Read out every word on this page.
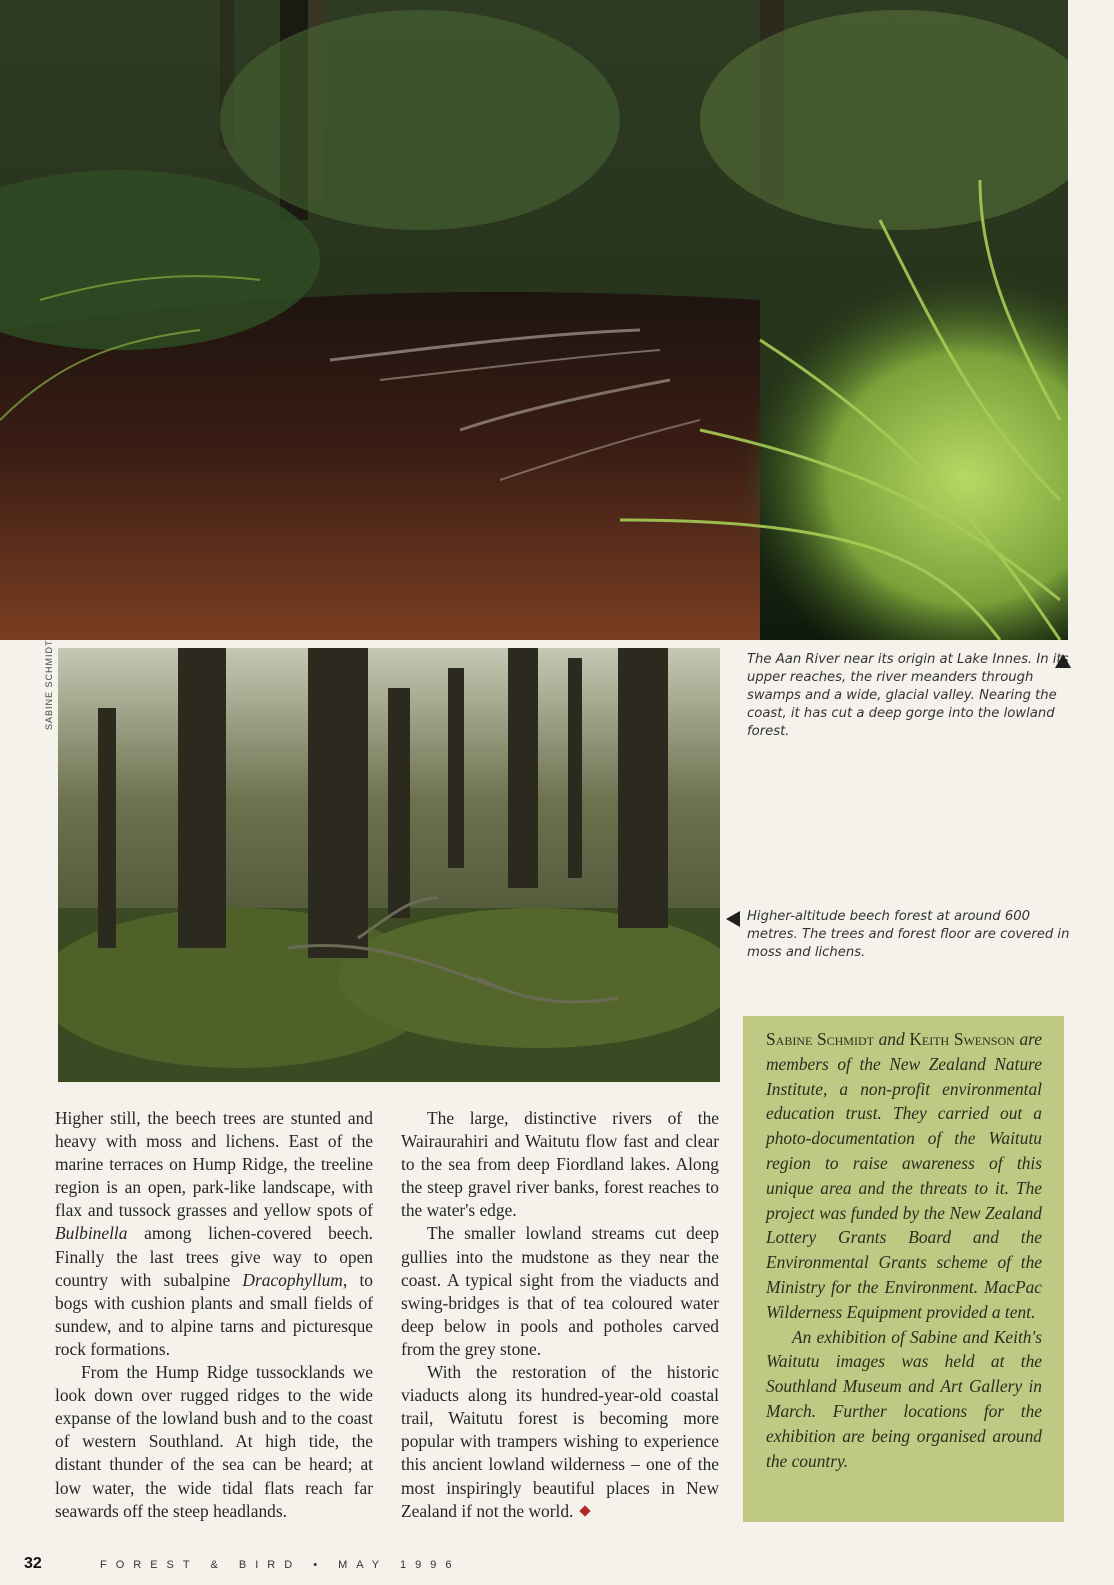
SABINE SCHMIDT	The Aan River near its origin at Lake Innes. In its upper reaches, the river meanders through swamps and a wide, glacial valley. Nearing the coast, it has cut a deep gorge into the lowland forest.
Higher-altitude beech forest at around 600 metres. The trees and forest floor are covered in moss and lichens.

Higher still, the beech trees are stunted and heavy with moss and lichens. East of the marine terraces on Hump Ridge, the treeline region is an open, park-like landscape, with flax and tussock grasses and yellow spots of Bulbinella among lichen-covered beech. Finally the last trees give way to open country with subalpine Dracophyllum, to bogs with cushion plants and small fields of sundew, and to alpine tarns and picturesque rock formations.

From the Hump Ridge tussocklands we look down over rugged ridges to the wide expanse of the lowland bush and to the coast of western Southland. At high tide, the distant thunder of the sea can be heard; at low water, the wide tidal flats reach far seawards off the steep headlands.

The large, distinctive rivers of the Wairaurahiri and Waitutu flow fast and clear to the sea from deep Fiordland lakes. Along the steep gravel river banks, forest reaches to the water's edge.

The smaller lowland streams cut deep gullies into the mudstone as they near the coast. A typical sight from the viaducts and swing-bridges is that of tea coloured water deep below in pools and potholes carved from the grey stone.

With the restoration of the historic viaducts along its hundred-year-old coastal trail, Waitutu forest is becoming more popular with trampers wishing to experience this ancient lowland wilderness – one of the most inspiringly beautiful places in New Zealand if not the world.

Sabine Schmidt and Keith Swenson are members of the New Zealand Nature Institute, a non-profit environmental education trust. They carried out a photo-documentation of the Waitutu region to raise awareness of this unique area and the threats to it. The project was funded by the New Zealand Lottery Grants Board and the Environmental Grants scheme of the Ministry for the Environment. MacPac Wilderness Equipment provided a tent.

An exhibition of Sabine and Keith's Waitutu images was held at the Southland Museum and Art Gallery in March. Further locations for the exhibition are being organised around the country.

32	FOREST & BIRD • MAY 1996
